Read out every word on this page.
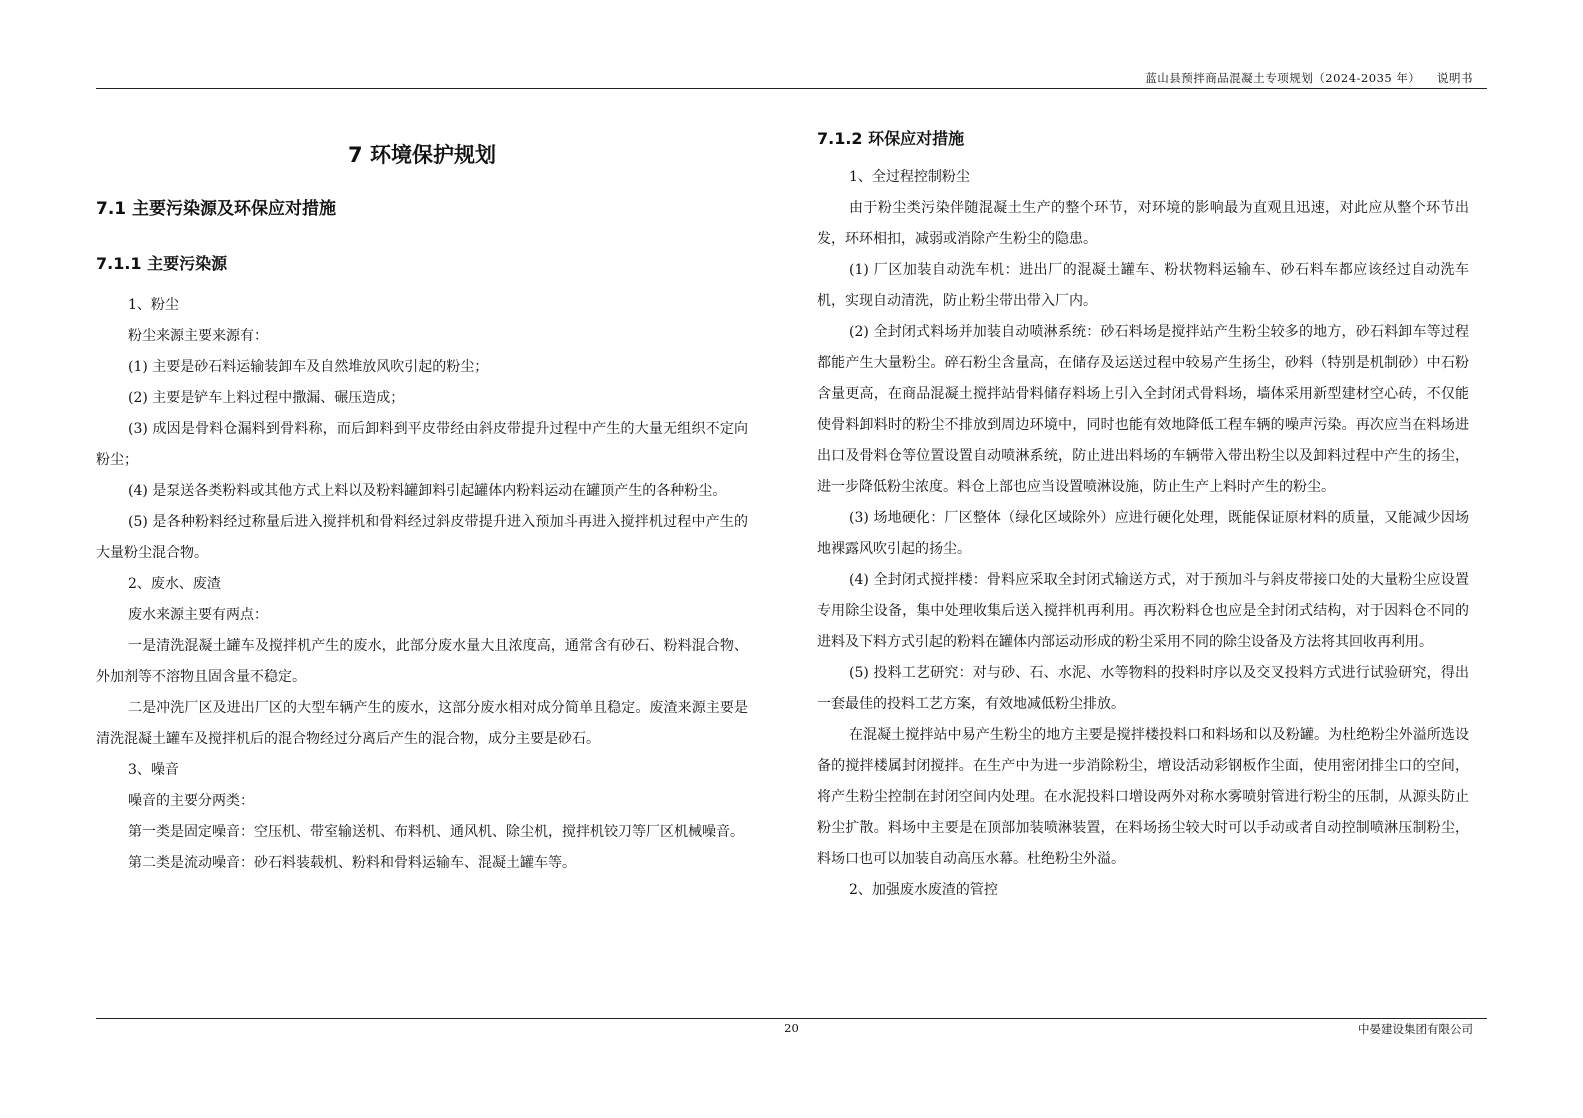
蓝山县预拌商品混凝土专项规划（2024-2035 年）    说明书
7 环境保护规划
7.1 主要污染源及环保应对措施
7.1.1 主要污染源

1、粉尘

粉尘来源主要来源有：

(1) 主要是砂石料运输装卸车及自然堆放风吹引起的粉尘；

(2) 主要是铲车上料过程中撒漏、碾压造成；

(3) 成因是骨料仓漏料到骨料称，而后卸料到平皮带经由斜皮带提升过程中产生的大量无组织不定向粉尘；

(4) 是泵送各类粉料或其他方式上料以及粉料罐卸料引起罐体内粉料运动在罐顶产生的各种粉尘。

(5) 是各种粉料经过称量后进入搅拌机和骨料经过斜皮带提升进入预加斗再进入搅拌机过程中产生的大量粉尘混合物。

2、废水、废渣

废水来源主要有两点：

一是清洗混凝土罐车及搅拌机产生的废水，此部分废水量大且浓度高，通常含有砂石、粉料混合物、外加剂等不溶物且固含量不稳定。

二是冲洗厂区及进出厂区的大型车辆产生的废水，这部分废水相对成分简单且稳定。废渣来源主要是清洗混凝土罐车及搅拌机后的混合物经过分离后产生的混合物，成分主要是砂石。

3、噪音

噪音的主要分两类：

第一类是固定噪音：空压机、带室输送机、布料机、通风机、除尘机，搅拌机铰刀等厂区机械噪音。

第二类是流动噪音：砂石料装载机、粉料和骨料运输车、混凝土罐车等。

7.1.2 环保应对措施

1、全过程控制粉尘

由于粉尘类污染伴随混凝土生产的整个环节，对环境的影响最为直观且迅速，对此应从整个环节出发，环环相扣，减弱或消除产生粉尘的隐患。

(1) 厂区加装自动洗车机：进出厂的混凝土罐车、粉状物料运输车、砂石料车都应该经过自动洗车机，实现自动清洗，防止粉尘带出带入厂内。

(2) 全封闭式料场并加装自动喷淋系统：砂石料场是搅拌站产生粉尘较多的地方，砂石料卸车等过程都能产生大量粉尘。碎石粉尘含量高，在储存及运送过程中较易产生扬尘，砂料（特别是机制砂）中石粉含量更高，在商品混凝土搅拌站骨料储存料场上引入全封闭式骨料场，墙体采用新型建材空心砖，不仅能使骨料卸料时的粉尘不排放到周边环境中，同时也能有效地降低工程车辆的噪声污染。再次应当在料场进出口及骨料仓等位置设置自动喷淋系统，防止进出料场的车辆带入带出粉尘以及卸料过程中产生的扬尘，进一步降低粉尘浓度。料仓上部也应当设置喷淋设施，防止生产上料时产生的粉尘。

(3) 场地硬化：厂区整体（绿化区域除外）应进行硬化处理，既能保证原材料的质量，又能减少因场地裸露风吹引起的扬尘。

(4) 全封闭式搅拌楼：骨料应采取全封闭式输送方式，对于预加斗与斜皮带接口处的大量粉尘应设置专用除尘设备，集中处理收集后送入搅拌机再利用。再次粉料仓也应是全封闭式结构，对于因料仓不同的进料及下料方式引起的粉料在罐体内部运动形成的粉尘采用不同的除尘设备及方法将其回收再利用。

(5) 投料工艺研究：对与砂、石、水泥、水等物料的投料时序以及交叉投料方式进行试验研究，得出一套最佳的投料工艺方案，有效地减低粉尘排放。

在混凝土搅拌站中易产生粉尘的地方主要是搅拌楼投料口和料场和以及粉罐。为杜绝粉尘外溢所选设备的搅拌楼属封闭搅拌。在生产中为进一步消除粉尘，增设活动彩钢板作尘面，使用密闭排尘口的空间，将产生粉尘控制在封闭空间内处理。在水泥投料口增设两外对称水雾喷射管进行粉尘的压制，从源头防止粉尘扩散。料场中主要是在顶部加装喷淋装置，在料场扬尘较大时可以手动或者自动控制喷淋压制粉尘，料场口也可以加装自动高压水幕。杜绝粉尘外溢。

2、加强废水废渣的管控

20	中晏建设集团有限公司
